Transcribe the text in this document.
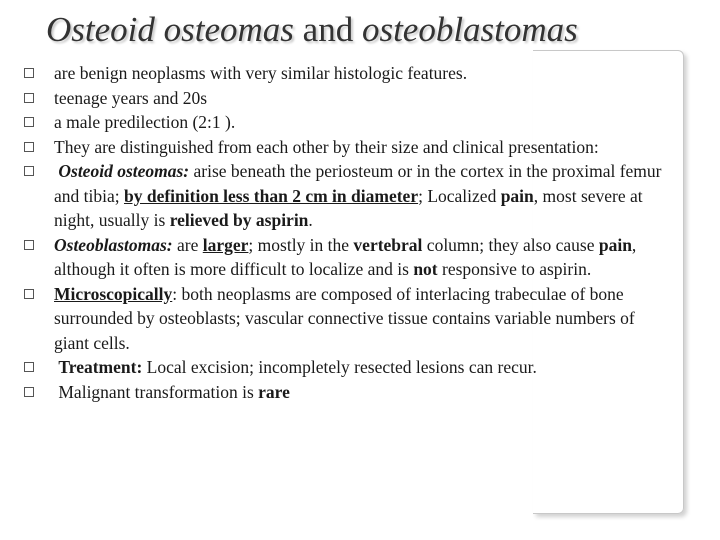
Osteoid osteomas and osteoblastomas
are benign neoplasms with very similar histologic features.
teenage years and 20s
a male predilection (2:1 ).
They are distinguished from each other by their size and clinical presentation:
Osteoid osteomas: arise beneath the periosteum or in the cortex in the proximal femur and tibia; by definition less than 2 cm in diameter; Localized pain, most severe at night, usually is relieved by aspirin.
Osteoblastomas: are larger; mostly in the vertebral column; they also cause pain, although it often is more difficult to localize and is not responsive to aspirin.
Microscopically: both neoplasms are composed of interlacing trabeculae of bone surrounded by osteoblasts; vascular connective tissue contains variable numbers of giant cells.
Treatment: Local excision; incompletely resected lesions can recur.
Malignant transformation is rare
